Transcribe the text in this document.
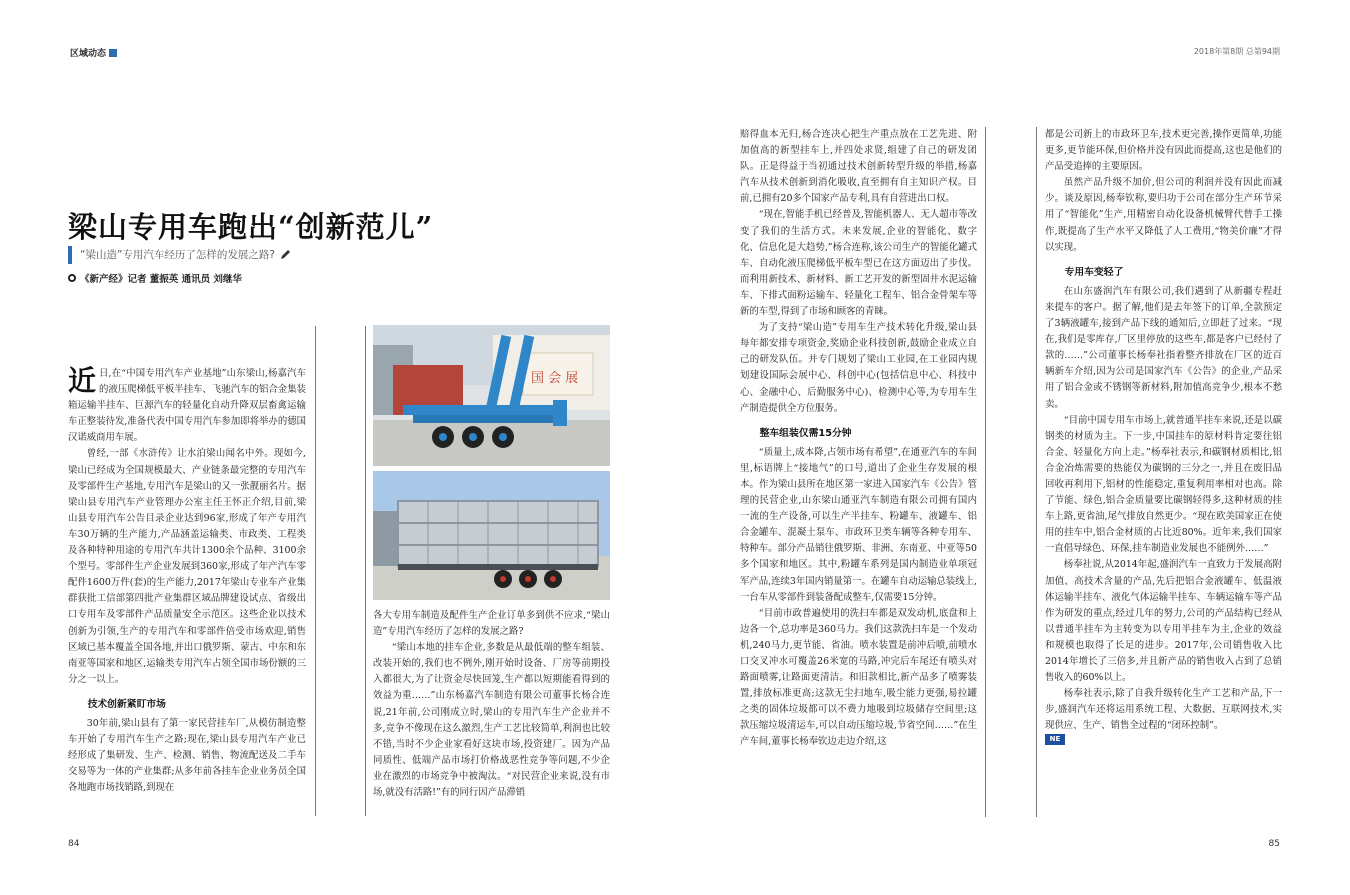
区域动态	2018年第8期 总第94期
梁山专用车跑出“创新范儿”
“梁山造”专用汽车经历了怎样的发展之路?
《新产经》记者 董振英 通讯员 刘继华

近日,在“中国专用汽车产业基地”山东梁山,杨嘉汽车的液压爬梯低平板半挂车、飞驰汽车的铝合金集装箱运输半挂车、巨源汽车的轻量化自动升降双层畜禽运输车正整装待发,准备代表中国专用汽车参加即将举办的德国汉诺威商用车展。

曾经,一部《水浒传》让水泊梁山闻名中外。现如今,梁山已经成为全国规模最大、产业链条最完整的专用汽车及零部件生产基地,专用汽车是梁山的又一张靓丽名片。据梁山县专用汽车产业管理办公室主任王怀正介绍,目前,梁山县专用汽车公告目录企业达到96家,形成了年产专用汽车30万辆的生产能力,产品涵盖运输类、市政类、工程类及各种特种用途的专用汽车共计1300余个品种、3100余个型号。零部件生产企业发展到360家,形成了年产汽车零配件1600万件(套)的生产能力,2017年梁山专业车产业集群获批工信部第四批产业集群区域品牌建设试点、省级出口专用车及零部件产品质量安全示范区。这些企业以技术创新为引领,生产的专用汽车和零部件倍受市场欢迎,销售区域已基本覆盖全国各地,并出口俄罗斯、蒙古、中东和东南亚等国家和地区,运输类专用汽车占领全国市场份额的三分之一以上。

技术创新紧盯市场

30年前,梁山县有了第一家民营挂车厂,从模仿制造整车开始了专用汽车生产之路;现在,梁山县专用汽车产业已经形成了集研发、生产、检测、销售、物流配送及二手车交易等为一体的产业集群;从多年前各挂车企业业务员全国各地跑市场找销路,到现在

国 会 展

各大专用车制造及配件生产企业订单多到供不应求,“梁山造”专用汽车经历了怎样的发展之路?

“梁山本地的挂车企业,多数是从最低端的整车组装、改装开始的,我们也不例外,刚开始时设备、厂房等前期投入都很大,为了让资金尽快回笼,生产都以短期能看得到的效益为重……”山东杨嘉汽车制造有限公司董事长杨合连说,21年前,公司刚成立时,梁山的专用汽车生产企业并不多,竞争不像现在这么激烈,生产工艺比较简单,利润也比较不错,当时不少企业家看好这块市场,投资建厂。因为产品同质性、低端产品市场打价格战恶性竞争等问题,不少企业在激烈的市场竞争中被淘汰。“对民营企业来说,没有市场,就没有活路!”有的同行因产品滞销

赔得血本无归,杨合连决心把生产重点放在工艺先进、附加值高的新型挂车上,并四处求贤,组建了自己的研发团队。正是得益于当初通过技术创新转型升级的举措,杨嘉汽车从技术创新到消化吸收,直至拥有自主知识产权。目前,已拥有20多个国家产品专利,具有自营进出口权。

“现在,智能手机已经普及,智能机器人、无人超市等改变了我们的生活方式。未来发展,企业的智能化、数字化、信息化是大趋势,”杨合连称,该公司生产的智能化罐式车、自动化液压爬梯低平板车型已在这方面迈出了步伐。而利用新技术、新材料、新工艺开发的新型固井水泥运输车、下排式面粉运输车、轻量化工程车、铝合金骨架车等新的车型,得到了市场和顾客的青睐。

为了支持“梁山造”专用车生产技术转化升级,梁山县每年都安排专项资金,奖励企业科技创新,鼓励企业成立自己的研发队伍。并专门规划了梁山工业园,在工业园内规划建设国际会展中心、科创中心(包括信息中心、科技中心、金融中心、后勤服务中心)、检测中心等,为专用车生产制造提供全方位服务。

整车组装仅需15分钟

“质量上,成本降,占领市场有希望”,在通亚汽车的车间里,标语牌上“接地气”的口号,道出了企业生存发展的根本。作为梁山县所在地区第一家进入国家汽车《公告》管理的民营企业,山东梁山通亚汽车制造有限公司拥有国内一流的生产设备,可以生产半挂车、粉罐车、液罐车、铝合金罐车、混凝土泵车、市政环卫类车辆等各种专用车、特种车。部分产品销往俄罗斯、非洲、东南亚、中亚等50多个国家和地区。其中,粉罐车系列是国内制造业单项冠军产品,连续3年国内销量第一。在罐车自动运输总装线上,一台车从零部件到装备配成整车,仅需要15分钟。

“目前市政普遍使用的洗扫车都是双发动机,底盘和上边各一个,总功率是360马力。我们这款洗扫车是一个发动机,240马力,更节能、省油。喷水装置是前冲后喷,前喷水口交叉冲水可覆盖26米宽的马路,冲完后车尾还有喷头对路面喷雾,让路面更清洁。和旧款相比,新产品多了喷雾装置,排放标准更高;这款无尘扫地车,吸尘能力更强,易拉罐之类的固体垃圾都可以不费力地吸到垃圾储存空间里;这款压缩垃圾清运车,可以自动压缩垃圾,节省空间……”在生产车间,董事长杨奉钦边走边介绍,这

都是公司新上的市政环卫车,技术更完善,操作更简单,功能更多,更节能环保,但价格并没有因此而提高,这也是他们的产品受追捧的主要原因。

虽然产品升级不加价,但公司的利润并没有因此而减少。谈及原因,杨奉钦称,要归功于公司在部分生产环节采用了“智能化”生产,用精密自动化设备机械臂代替手工操作,既提高了生产水平又降低了人工费用,“物美价廉”才得以实现。

专用车变轻了

在山东盛润汽车有限公司,我们遇到了从新疆专程赶来提车的客户。据了解,他们是去年签下的订单,全款预定了3辆液罐车,接到产品下线的通知后,立即赶了过来。“现在,我们是零库存,厂区里停放的这些车,都是客户已经付了款的……”公司董事长杨奉社指着整齐排放在厂区的近百辆新车介绍,因为公司是国家汽车《公告》的企业,产品采用了铝合金或不锈钢等新材料,附加值高竞争少,根本不愁卖。

“目前中国专用车市场上,就普通半挂车来说,还是以碳钢类的材质为主。下一步,中国挂车的原材料肯定要往铝合金、轻量化方向上走。”杨奉社表示,和碳钢材质相比,铝合金冶炼需要的热能仅为碳钢的三分之一,并且在废旧品回收再利用下,铝材的性能稳定,重复利用率相对也高。除了节能、绿色,铝合金质量要比碳钢轻得多,这种材质的挂车上路,更省油,尾气排放自然更少。“现在欧美国家正在使用的挂车中,铝合金材质的占比近80%。近年来,我们国家一直倡导绿色、环保,挂车制造业发展也不能例外……”

杨奉社说,从2014年起,盛润汽车一直致力于发展高附加值、高技术含量的产品,先后把铝合金液罐车、低温液体运输半挂车、液化气体运输半挂车、车辆运输车等产品作为研发的重点,经过几年的努力,公司的产品结构已经从以普通半挂车为主转变为以专用半挂车为主,企业的效益和规模也取得了长足的进步。2017年,公司销售收入比2014年增长了三倍多,并且新产品的销售收入占到了总销售收入的60%以上。

杨奉社表示,除了自我升级转化生产工艺和产品,下一步,盛润汽车还将运用系统工程、大数据、互联网技术,实现供应、生产、销售全过程的“闭环控制”。

NE
84	85
